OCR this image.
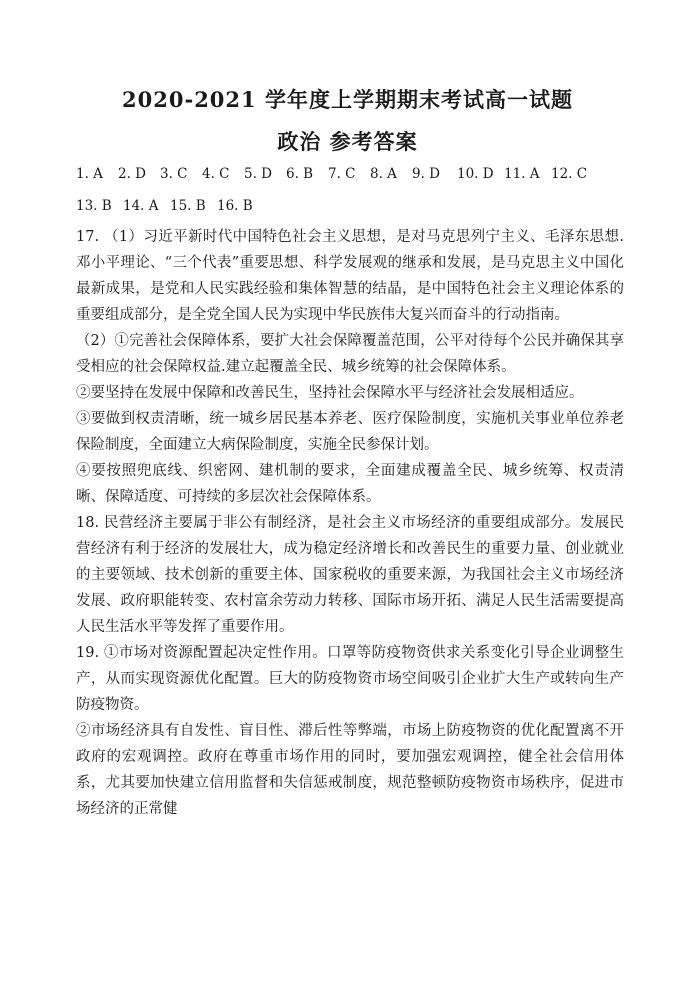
2020-2021 学年度上学期期末考试高一试题
政治 参考答案
1. A 2. D 3. C 4. C 5. D 6. B 7. C 8. A 9. D 10. D 11. A 12. C
13. B 14. A 15. B 16. B

17. （1）习近平新时代中国特色社会主义思想，是对马克思列宁主义、毛泽东思想.邓小平理论、“三个代表”重要思想、科学发展观的继承和发展，是马克思主义中国化最新成果，是党和人民实践经验和集体智慧的结晶，是中国特色社会主义理论体系的重要组成部分，是全党全国人民为实现中华民族伟大复兴而奋斗的行动指南。

（2）①完善社会保障体系，要扩大社会保障覆盖范围，公平对待每个公民并确保其享受相应的社会保障权益.建立起覆盖全民、城乡统筹的社会保障体系。

②要坚持在发展中保障和改善民生，坚持社会保障水平与经济社会发展相适应。

③要做到权责清晰，统一城乡居民基本养老、医疗保险制度，实施机关事业单位养老保险制度，全面建立大病保险制度，实施全民参保计划。

④要按照兜底线、织密网、建机制的要求，全面建成覆盖全民、城乡统筹、权责清晰、保障适度、可持续的多层次社会保障体系。

18. 民营经济主要属于非公有制经济，是社会主义市场经济的重要组成部分。发展民营经济有利于经济的发展壮大，成为稳定经济增长和改善民生的重要力量、创业就业的主要领域、技术创新的重要主体、国家税收的重要来源，为我国社会主义市场经济发展、政府职能转变、农村富余劳动力转移、国际市场开拓、满足人民生活需要提高人民生活水平等发挥了重要作用。

19. ①市场对资源配置起决定性作用。口罩等防疫物资供求关系变化引导企业调整生产，从而实现资源优化配置。巨大的防疫物资市场空间吸引企业扩大生产或转向生产防疫物资。

②市场经济具有自发性、盲目性、滞后性等弊端，市场上防疫物资的优化配置离不开政府的宏观调控。政府在尊重市场作用的同时，要加强宏观调控，健全社会信用体系，尤其要加快建立信用监督和失信惩戒制度，规范整顿防疫物资市场秩序，促进市场经济的正常健
